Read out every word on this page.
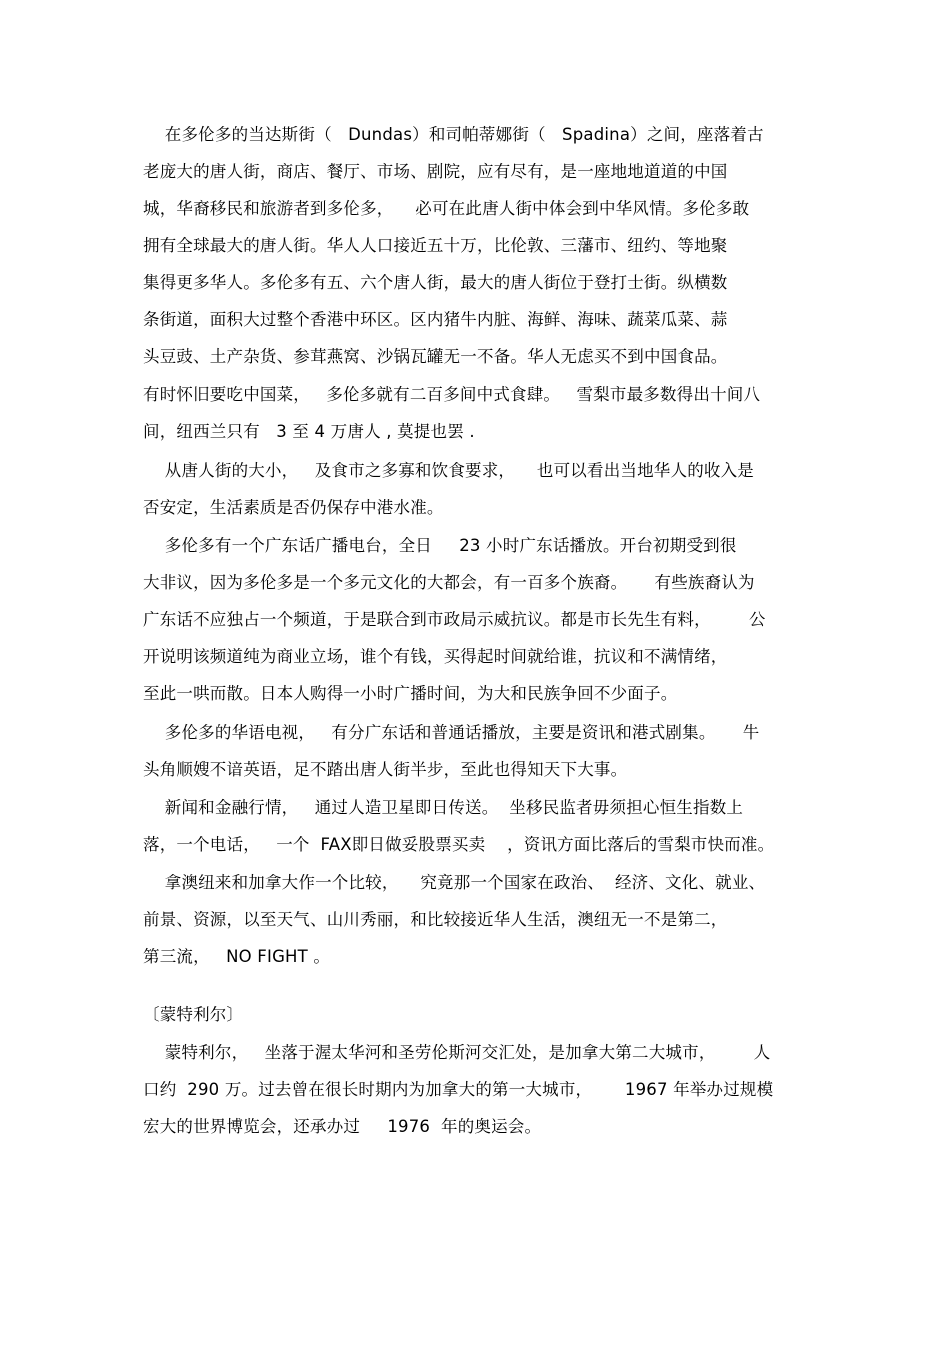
在多伦多的当达斯街（   Dundas）和司帕蒂娜街（   Spadina）之间，座落着古
老庞大的唐人街，商店、餐厅、市场、剧院，应有尽有，是一座地地道道的中国
城，华裔移民和旅游者到多伦多，    必可在此唐人街中体会到中华风情。多伦多敢
拥有全球最大的唐人街。华人人口接近五十万，比伦敦、三藩市、纽约、等地聚
集得更多华人。多伦多有五、六个唐人街，最大的唐人街位于登打士街。纵横数
条街道，面积大过整个香港中环区。区内猪牛内脏、海鲜、海味、蔬菜瓜菜、蒜
头豆豉、土产杂货、参茸燕窝、沙锅瓦罐无一不备。华人无虑买不到中国食品。
有时怀旧要吃中国菜，   多伦多就有二百多间中式食肆。   雪梨市最多数得出十间八
间，纽西兰只有   3 至 4 万唐人 , 莫提也罢 .
从唐人街的大小，   及食市之多寡和饮食要求，    也可以看出当地华人的收入是
否安定，生活素质是否仍保存中港水准。
多伦多有一个广东话广播电台，全日     23 小时广东话播放。开台初期受到很
大非议，因为多伦多是一个多元文化的大都会，有一百多个族裔。     有些族裔认为
广东话不应独占一个频道，于是联合到市政局示威抗议。都是市长先生有料，       公
开说明该频道纯为商业立场，谁个有钱，买得起时间就给谁，抗议和不满情绪，
至此一哄而散。日本人购得一小时广播时间，为大和民族争回不少面子。
多伦多的华语电视，   有分广东话和普通话播放，主要是资讯和港式剧集。     牛
头角顺嫂不谙英语，足不踏出唐人街半步，至此也得知天下大事。
新闻和金融行情，   通过人造卫星即日传送。  坐移民监者毋须担心恒生指数上
落，一个电话，   一个  FAX即日做妥股票买卖    ，资讯方面比落后的雪梨市快而准。
拿澳纽来和加拿大作一个比较，    究竟那一个国家在政治、  经济、文化、就业、
前景、资源，以至天气、山川秀丽，和比较接近华人生活，澳纽无一不是第二，
第三流，   NO FIGHT 。
〔蒙特利尔〕
蒙特利尔，   坐落于渥太华河和圣劳伦斯河交汇处，是加拿大第二大城市，       人
口约  290 万。过去曾在很长时期内为加拿大的第一大城市，      1967 年举办过规模
宏大的世界博览会，还承办过     1976  年的奥运会。
